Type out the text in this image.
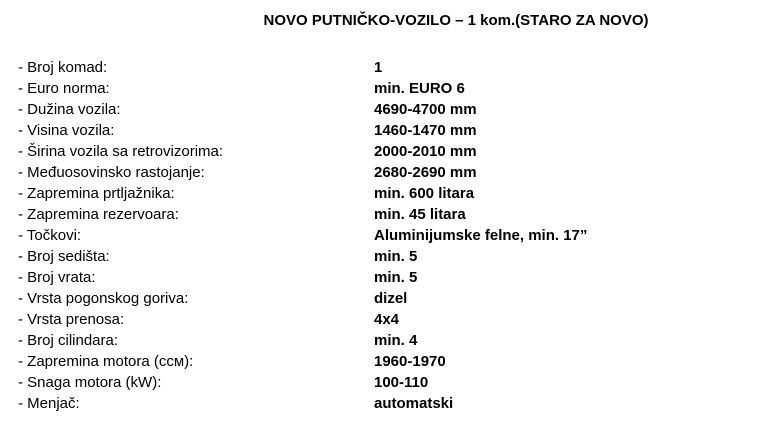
NOVO PUTNIČKO-VOZILO – 1 kom.(STARO ZA NOVO)
- Broj komad:	1
- Euro norma:	min. EURO 6
- Dužina vozila:	4690-4700 mm
- Visina vozila:	1460-1470 mm
- Širina vozila sa retrovizorima:	2000-2010 mm
- Međuosovinsko rastojanje:	2680-2690 mm
- Zapremina prtljažnika:	min. 600 litara
- Zapremina rezervoara:	min. 45 litara
- Točkovi:	Aluminijumske felne, min. 17”
- Broj sedišta:	min. 5
- Broj vrata:	min. 5
- Vrsta pogonskog goriva:	dizel
- Vrsta prenosa:	4x4
- Broj cilindara:	min. 4
- Zapremina motora (ccм):	1960-1970
- Snaga motora (kW):	100-110
- Menjač:	automatski
